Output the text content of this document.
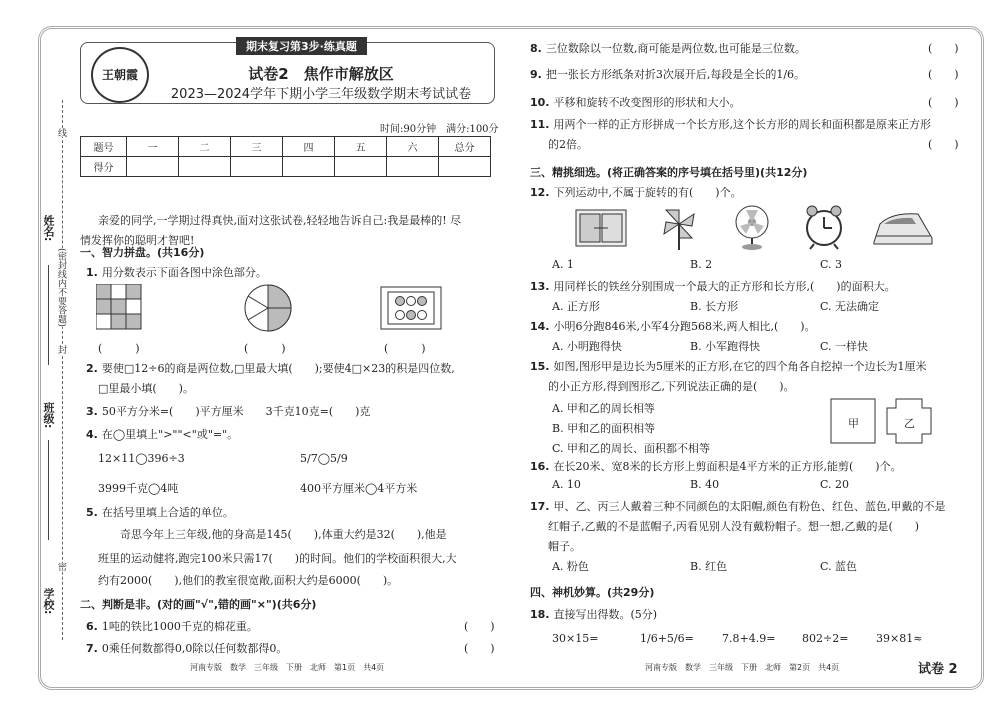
姓名:
班级:
学校:
(密封线内不要答题)
线
封
密
期末复习第3步·练真题
王朝霞	试卷2　焦作市解放区
2023—2024学年下期小学三年级数学期末考试试卷
时间:90分钟　满分:100分
题号	一	二	三	四	五	六	总分
得分							
亲爱的同学,一学期过得真快,面对这张试卷,轻轻地告诉自己:我是最棒的! 尽
情发挥你的聪明才智吧!
一、智力拼盘。(共16分)
1. 用分数表示下面各图中涂色部分。
(　　　)	(　　　)	(　　　)
2. 要使□12÷6的商是两位数,□里最大填(　　);要使4□×23的积是四位数,
□里最小填(　　)。
3. 50平方分米=(　　)平方厘米　　3千克10克=(　　)克
4. 在◯里填上">""<"或"="。
12×11◯396÷3	5/7◯5/9
3999千克◯4吨	400平方厘米◯4平方米
5. 在括号里填上合适的单位。
奇思今年上三年级,他的身高是145(　　),体重大约是32(　　),他是
班里的运动健将,跑完100米只需17(　　)的时间。他们的学校面积很大,大
约有2000(　　),他们的教室很宽敞,面积大约是6000(　　)。
二、判断是非。(对的画"√",错的画"×")(共6分)
6. 1吨的铁比1000千克的棉花重。	(　　)
7. 0乘任何数都得0,0除以任何数都得0。	(　　)
河南专版　数学　三年级　下册　北师　第1页　共4页
8. 三位数除以一位数,商可能是两位数,也可能是三位数。	(　　)
9. 把一张长方形纸条对折3次展开后,每段是全长的1/6。	(　　)
10. 平移和旋转不改变图形的形状和大小。	(　　)
11. 用两个一样的正方形拼成一个长方形,这个长方形的周长和面积都是原来正方形
的2倍。	(　　)
三、精挑细选。(将正确答案的序号填在括号里)(共12分)
12. 下列运动中,不属于旋转的有(　　)个。
A. 1	B. 2	C. 3
13. 用同样长的铁丝分别围成一个最大的正方形和长方形,(　　)的面积大。
A. 正方形	B. 长方形	C. 无法确定
14. 小明6分跑846米,小军4分跑568米,两人相比,(　　)。
A. 小明跑得快	B. 小军跑得快	C. 一样快
15. 如图,图形甲是边长为5厘米的正方形,在它的四个角各自挖掉一个边长为1厘米
的小正方形,得到图形乙,下列说法正确的是(　　)。
A. 甲和乙的周长相等
B. 甲和乙的面积相等
C. 甲和乙的周长、面积都不相等
甲	乙
16. 在长20米、宽8米的长方形上剪面积是4平方米的正方形,能剪(　　)个。
A. 10	B. 40	C. 20
17. 甲、乙、丙三人戴着三种不同颜色的太阳帽,颜色有粉色、红色、蓝色,甲戴的不是
红帽子,乙戴的不是蓝帽子,丙看见别人没有戴粉帽子。想一想,乙戴的是(　　)
帽子。
A. 粉色	B. 红色	C. 蓝色
四、神机妙算。(共29分)
18. 直接写出得数。(5分)
30×15=	1/6+5/6=	7.8+4.9= 802÷2=	39×81≈
河南专版　数学　三年级　下册　北师　第2页　共4页	试卷 2
